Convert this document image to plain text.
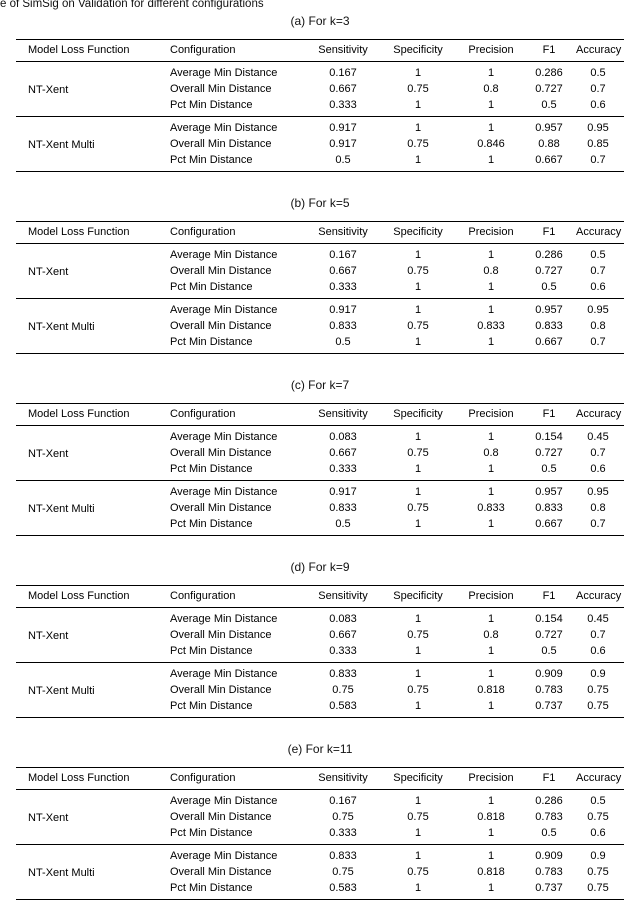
e of SimSig on Validation for different configurations
(a) For k=3
Model Loss Function	Configuration	Sensitivity	Specificity	Precision	F1	Accuracy
NT-Xent	Average Min Distance	0.167	1	1	0.286	0.5
	Overall Min Distance	0.667	0.75	0.8	0.727	0.7
	Pct Min Distance	0.333	1	1	0.5	0.6
NT-Xent Multi	Average Min Distance	0.917	1	1	0.957	0.95
	Overall Min Distance	0.917	0.75	0.846	0.88	0.85
	Pct Min Distance	0.5	1	1	0.667	0.7
(b) For k=5
Model Loss Function	Configuration	Sensitivity	Specificity	Precision	F1	Accuracy
NT-Xent	Average Min Distance	0.167	1	1	0.286	0.5
	Overall Min Distance	0.667	0.75	0.8	0.727	0.7
	Pct Min Distance	0.333	1	1	0.5	0.6
NT-Xent Multi	Average Min Distance	0.917	1	1	0.957	0.95
	Overall Min Distance	0.833	0.75	0.833	0.833	0.8
	Pct Min Distance	0.5	1	1	0.667	0.7
(c) For k=7
Model Loss Function	Configuration	Sensitivity	Specificity	Precision	F1	Accuracy
NT-Xent	Average Min Distance	0.083	1	1	0.154	0.45
	Overall Min Distance	0.667	0.75	0.8	0.727	0.7
	Pct Min Distance	0.333	1	1	0.5	0.6
NT-Xent Multi	Average Min Distance	0.917	1	1	0.957	0.95
	Overall Min Distance	0.833	0.75	0.833	0.833	0.8
	Pct Min Distance	0.5	1	1	0.667	0.7
(d) For k=9
Model Loss Function	Configuration	Sensitivity	Specificity	Precision	F1	Accuracy
NT-Xent	Average Min Distance	0.083	1	1	0.154	0.45
	Overall Min Distance	0.667	0.75	0.8	0.727	0.7
	Pct Min Distance	0.333	1	1	0.5	0.6
NT-Xent Multi	Average Min Distance	0.833	1	1	0.909	0.9
	Overall Min Distance	0.75	0.75	0.818	0.783	0.75
	Pct Min Distance	0.583	1	1	0.737	0.75
(e) For k=11
Model Loss Function	Configuration	Sensitivity	Specificity	Precision	F1	Accuracy
NT-Xent	Average Min Distance	0.167	1	1	0.286	0.5
	Overall Min Distance	0.75	0.75	0.818	0.783	0.75
	Pct Min Distance	0.333	1	1	0.5	0.6
NT-Xent Multi	Average Min Distance	0.833	1	1	0.909	0.9
	Overall Min Distance	0.75	0.75	0.818	0.783	0.75
	Pct Min Distance	0.583	1	1	0.737	0.75
